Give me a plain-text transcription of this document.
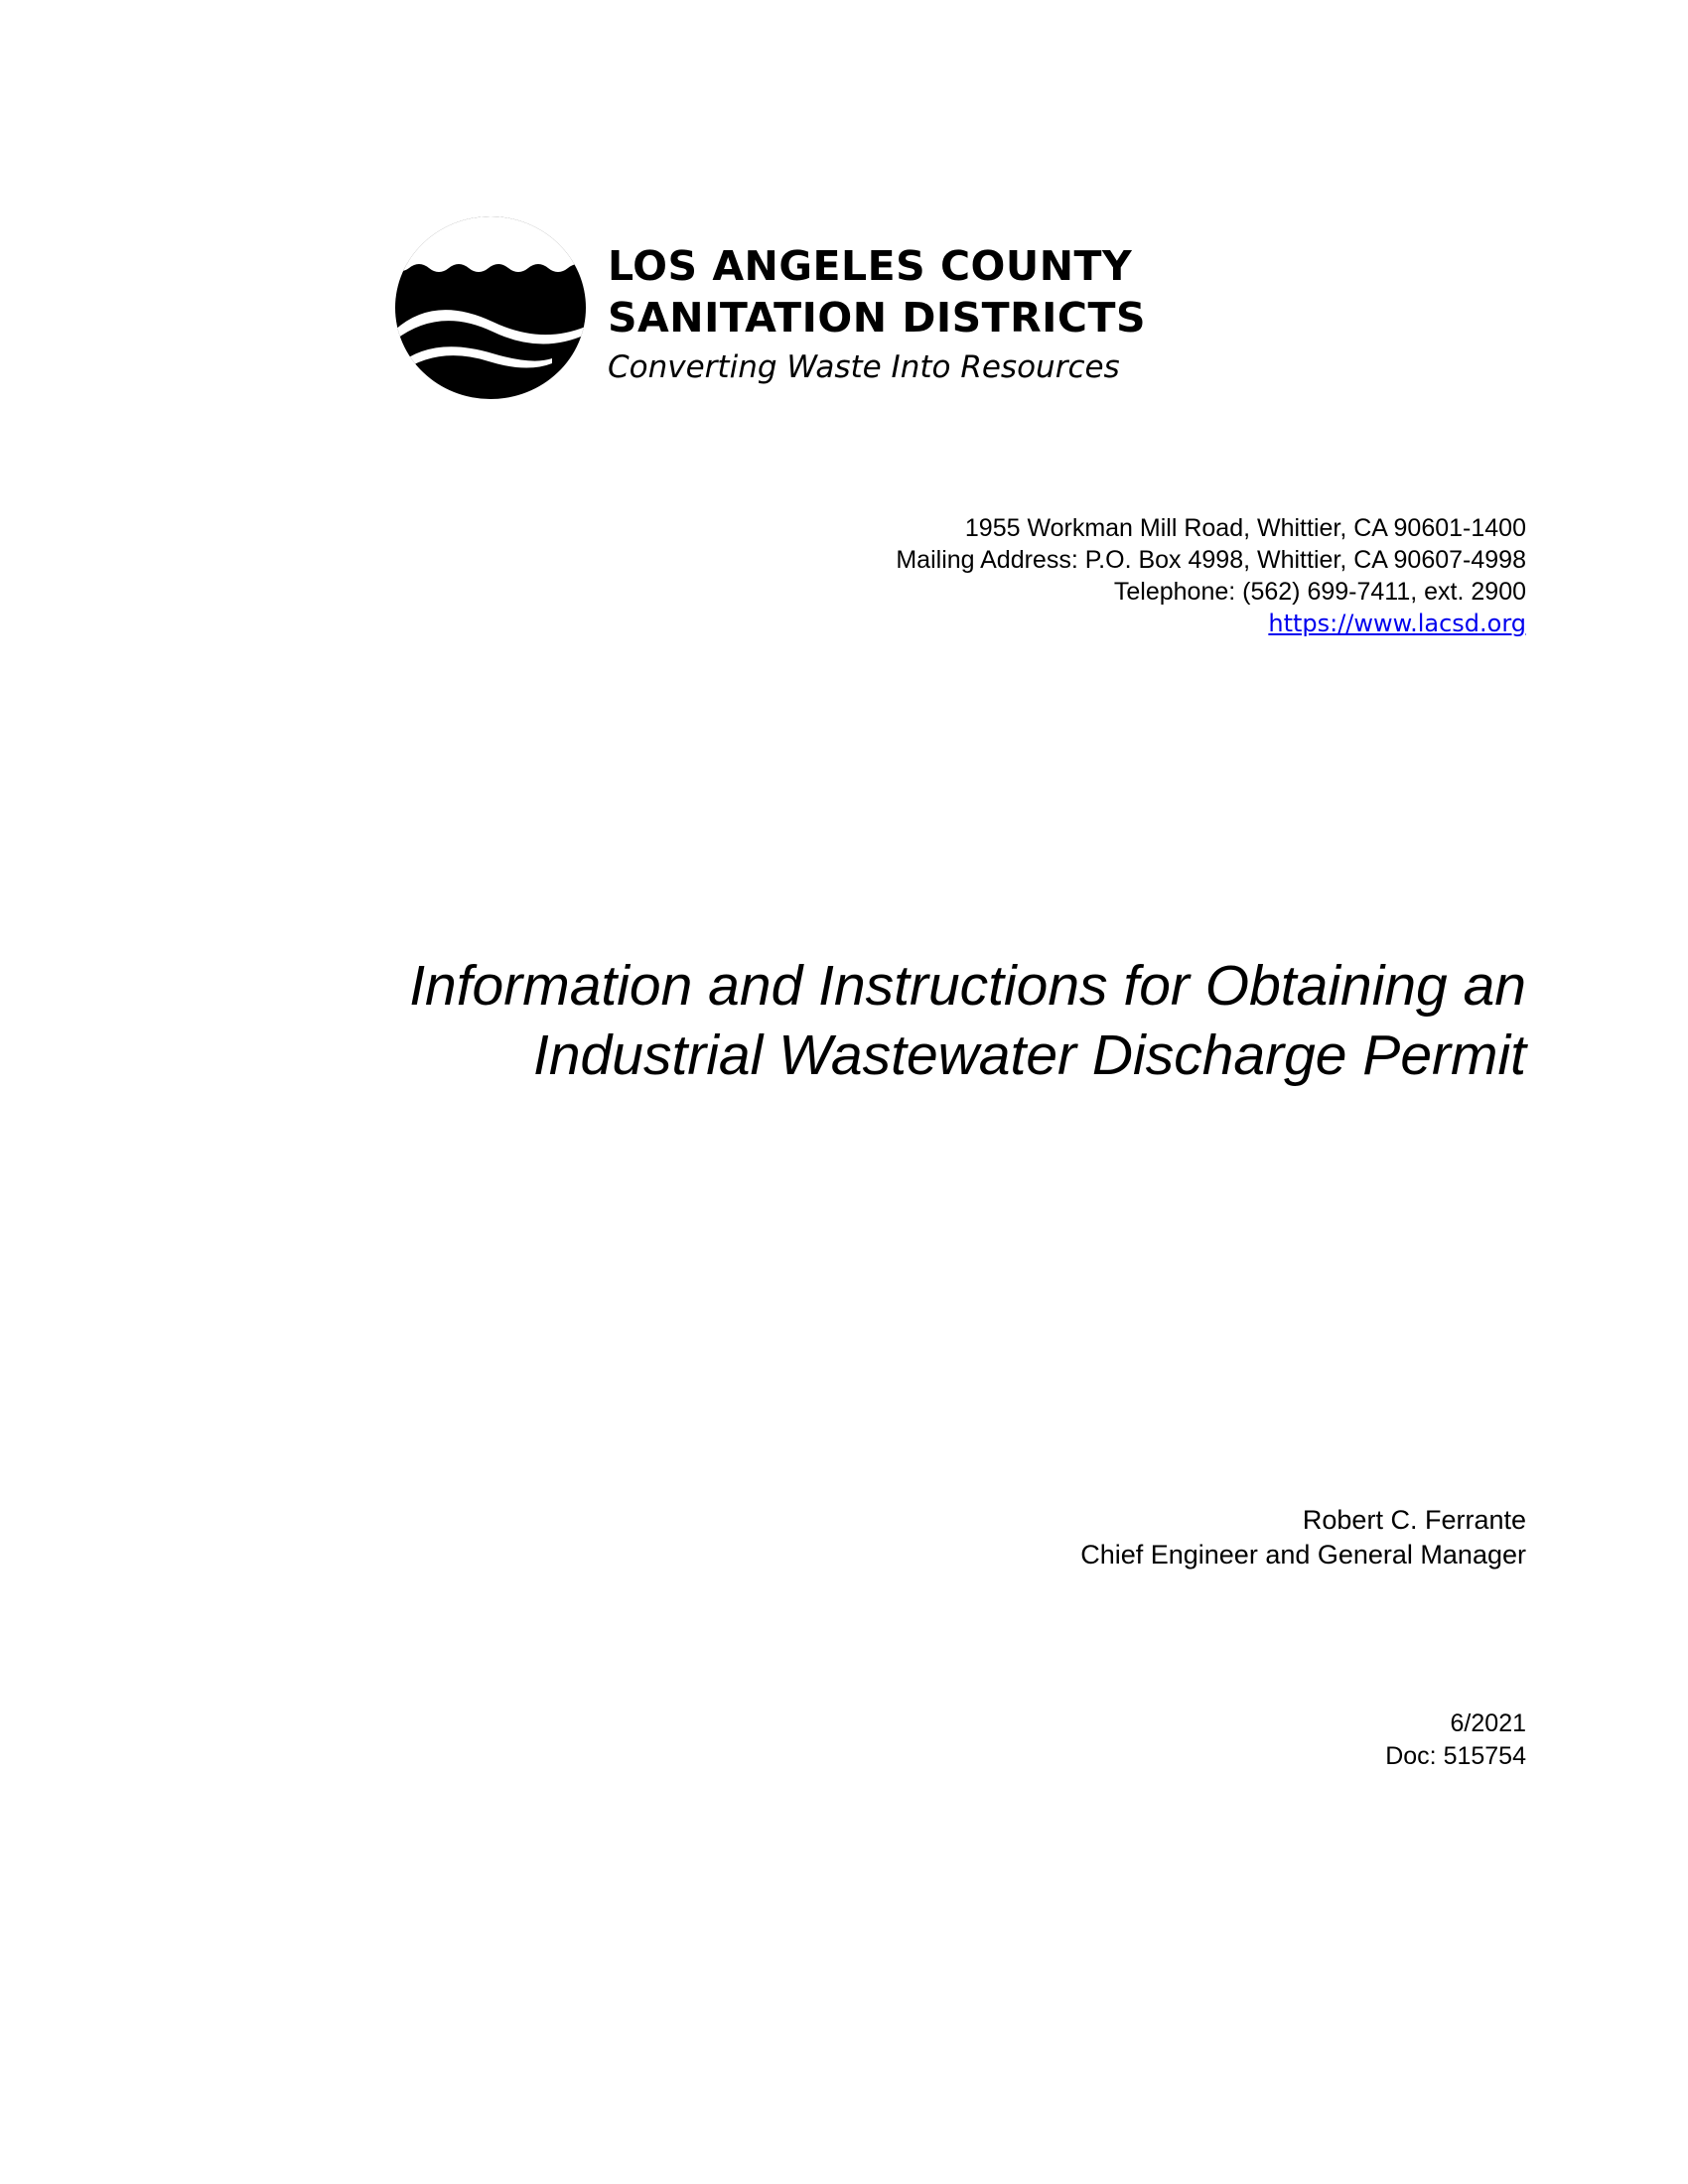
LOS ANGELES COUNTY
SANITATION DISTRICTS
Converting Waste Into Resources
1955 Workman Mill Road, Whittier, CA 90601-1400
Mailing Address: P.O. Box 4998, Whittier, CA 90607-4998
Telephone: (562) 699-7411, ext. 2900
https://www.lacsd.org
Information and Instructions for Obtaining an
Industrial Wastewater Discharge Permit
Robert C. Ferrante
Chief Engineer and General Manager
6/2021
Doc: 515754
